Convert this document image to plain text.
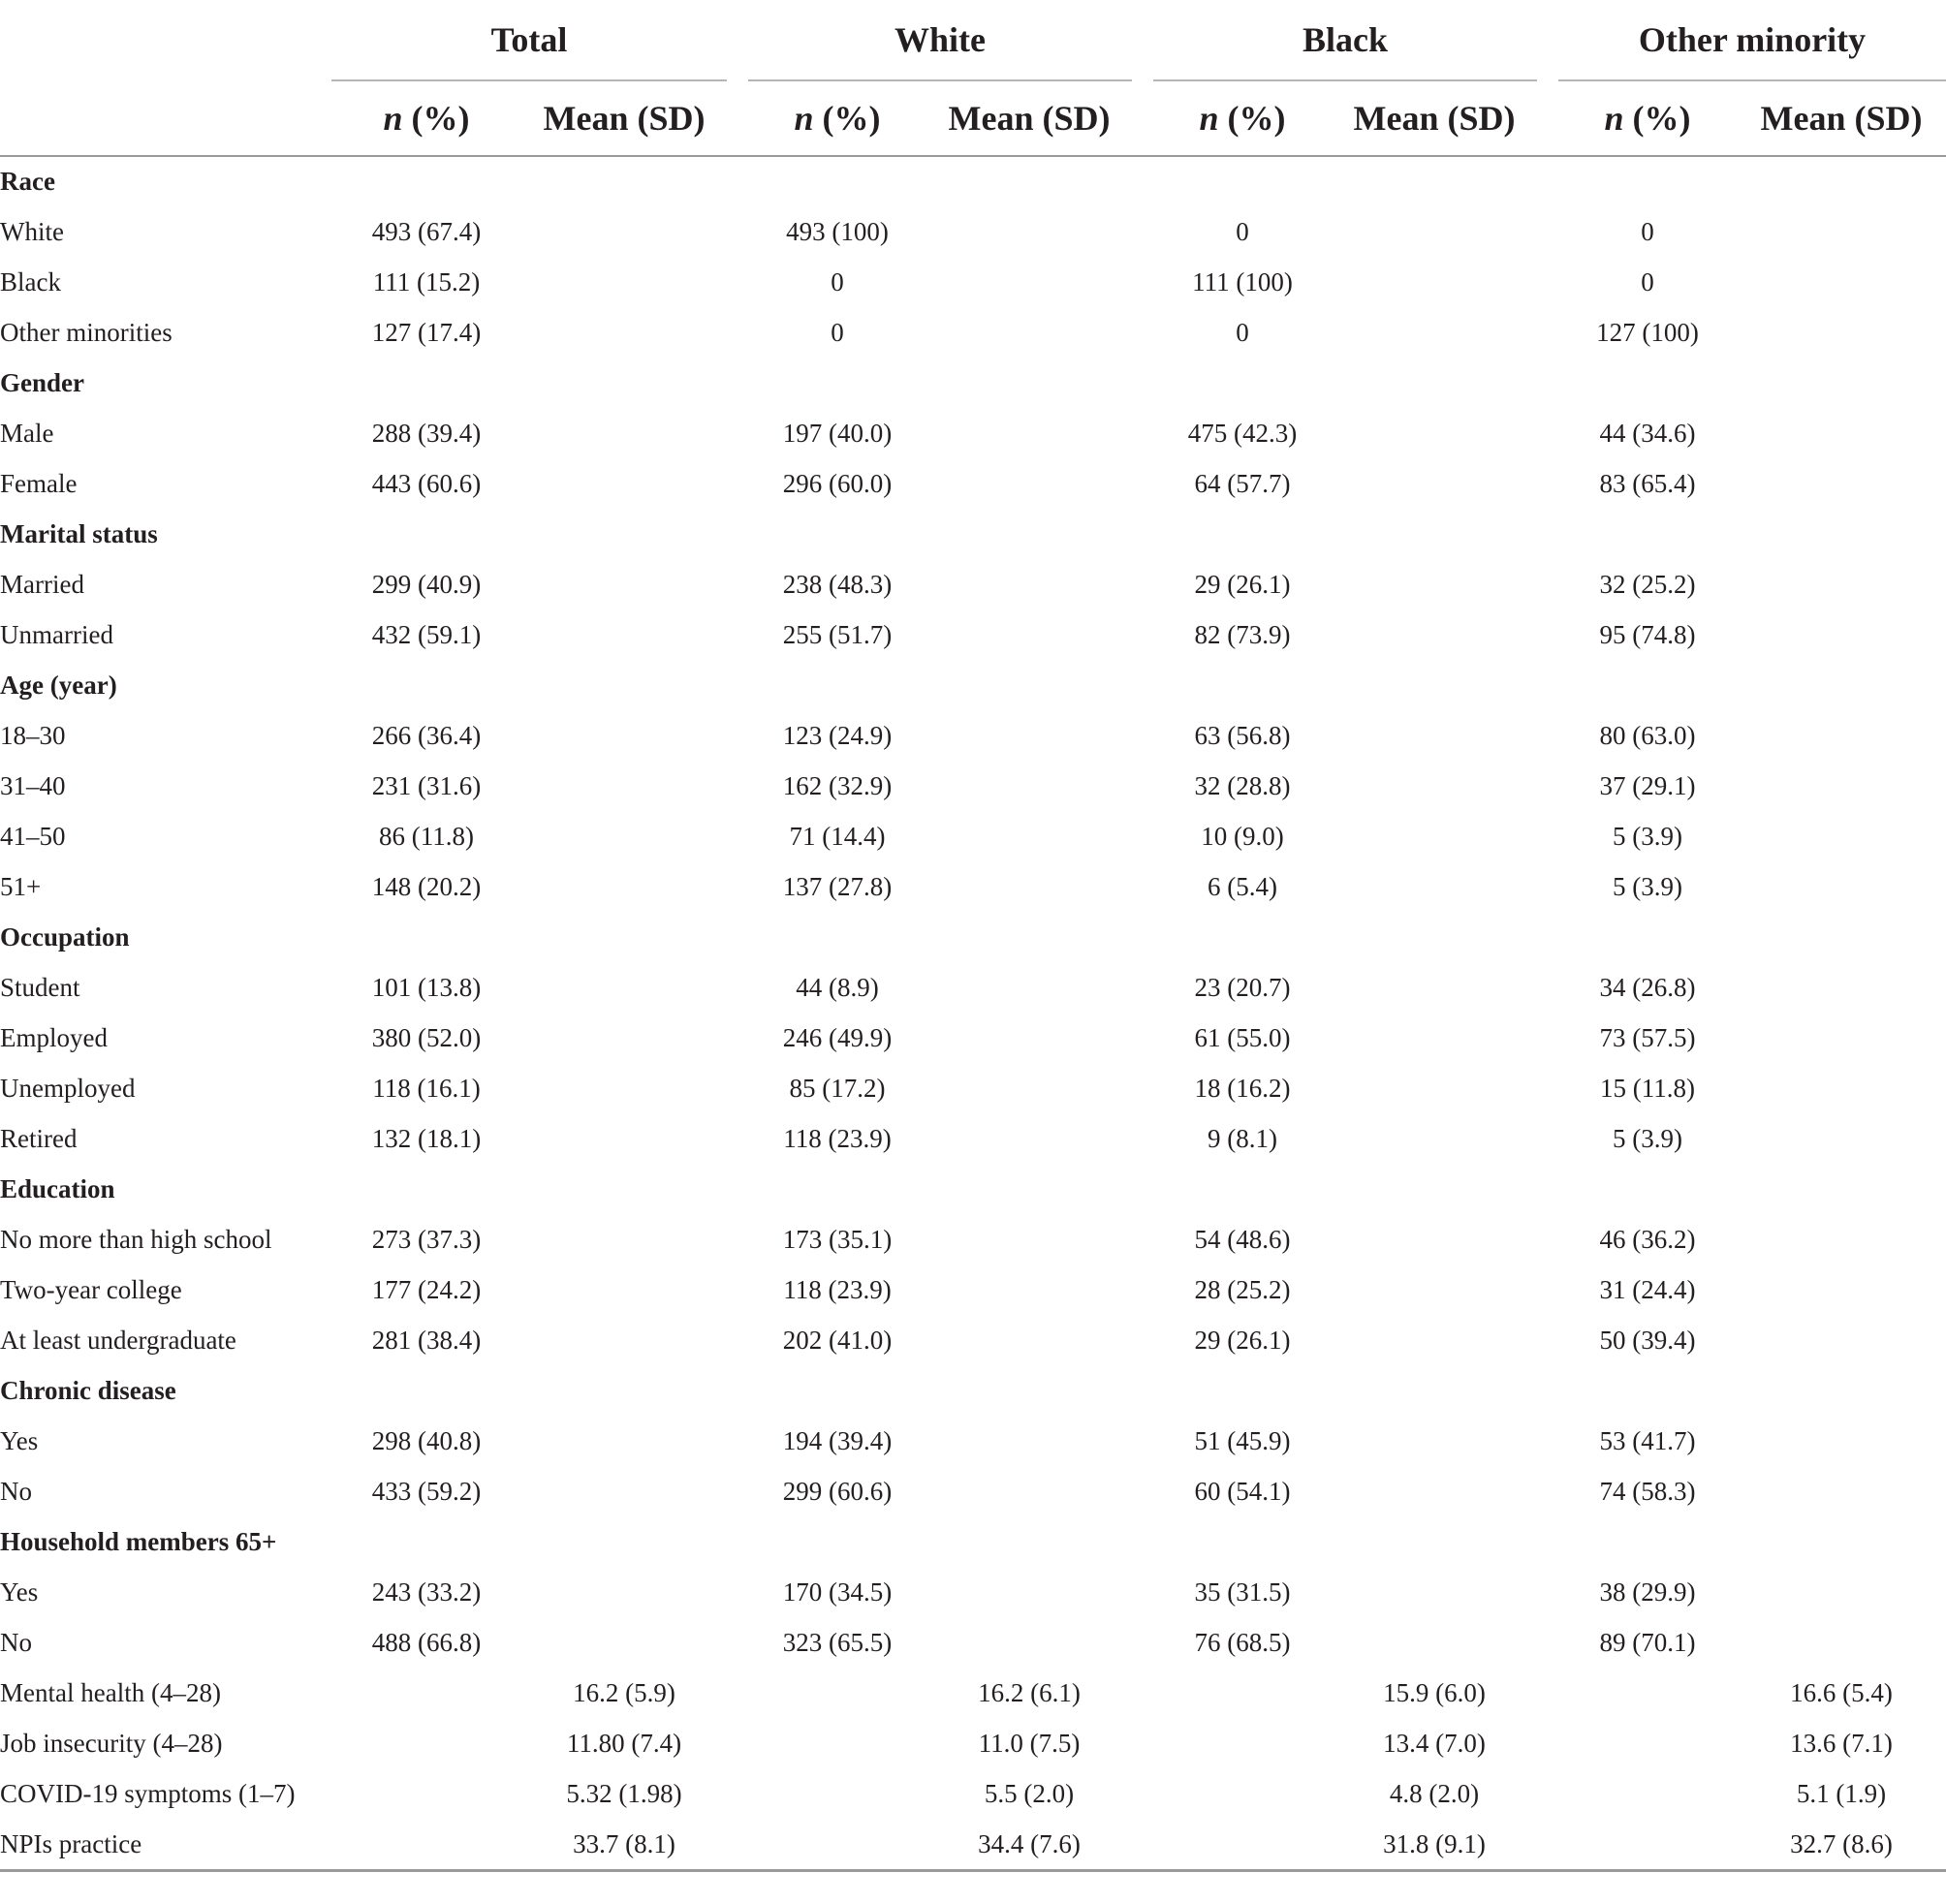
	Total			White			Black			Other minority	
	n (%)	Mean (SD)		n (%)	Mean (SD)		n (%)	Mean (SD)		n (%)	Mean (SD)
Race											
White	493 (67.4)			493 (100)			0			0	
Black	111 (15.2)			0			111 (100)			0	
Other minorities	127 (17.4)			0			0			127 (100)	
Gender											
Male	288 (39.4)			197 (40.0)			475 (42.3)			44 (34.6)	
Female	443 (60.6)			296 (60.0)			64 (57.7)			83 (65.4)	
Marital status											
Married	299 (40.9)			238 (48.3)			29 (26.1)			32 (25.2)	
Unmarried	432 (59.1)			255 (51.7)			82 (73.9)			95 (74.8)	
Age (year)											
18–30	266 (36.4)			123 (24.9)			63 (56.8)			80 (63.0)	
31–40	231 (31.6)			162 (32.9)			32 (28.8)			37 (29.1)	
41–50	86 (11.8)			71 (14.4)			10 (9.0)			5 (3.9)	
51+	148 (20.2)			137 (27.8)			6 (5.4)			5 (3.9)	
Occupation											
Student	101 (13.8)			44 (8.9)			23 (20.7)			34 (26.8)	
Employed	380 (52.0)			246 (49.9)			61 (55.0)			73 (57.5)	
Unemployed	118 (16.1)			85 (17.2)			18 (16.2)			15 (11.8)	
Retired	132 (18.1)			118 (23.9)			9 (8.1)			5 (3.9)	
Education											
No more than high school	273 (37.3)			173 (35.1)			54 (48.6)			46 (36.2)	
Two-year college	177 (24.2)			118 (23.9)			28 (25.2)			31 (24.4)	
At least undergraduate	281 (38.4)			202 (41.0)			29 (26.1)			50 (39.4)	
Chronic disease											
Yes	298 (40.8)			194 (39.4)			51 (45.9)			53 (41.7)	
No	433 (59.2)			299 (60.6)			60 (54.1)			74 (58.3)	
Household members 65+											
Yes	243 (33.2)			170 (34.5)			35 (31.5)			38 (29.9)	
No	488 (66.8)			323 (65.5)			76 (68.5)			89 (70.1)	
Mental health (4–28)		16.2 (5.9)			16.2 (6.1)			15.9 (6.0)			16.6 (5.4)
Job insecurity (4–28)		11.80 (7.4)			11.0 (7.5)			13.4 (7.0)			13.6 (7.1)
COVID-19 symptoms (1–7)		5.32 (1.98)			5.5 (2.0)			4.8 (2.0)			5.1 (1.9)
NPIs practice		33.7 (8.1)			34.4 (7.6)			31.8 (9.1)			32.7 (8.6)
